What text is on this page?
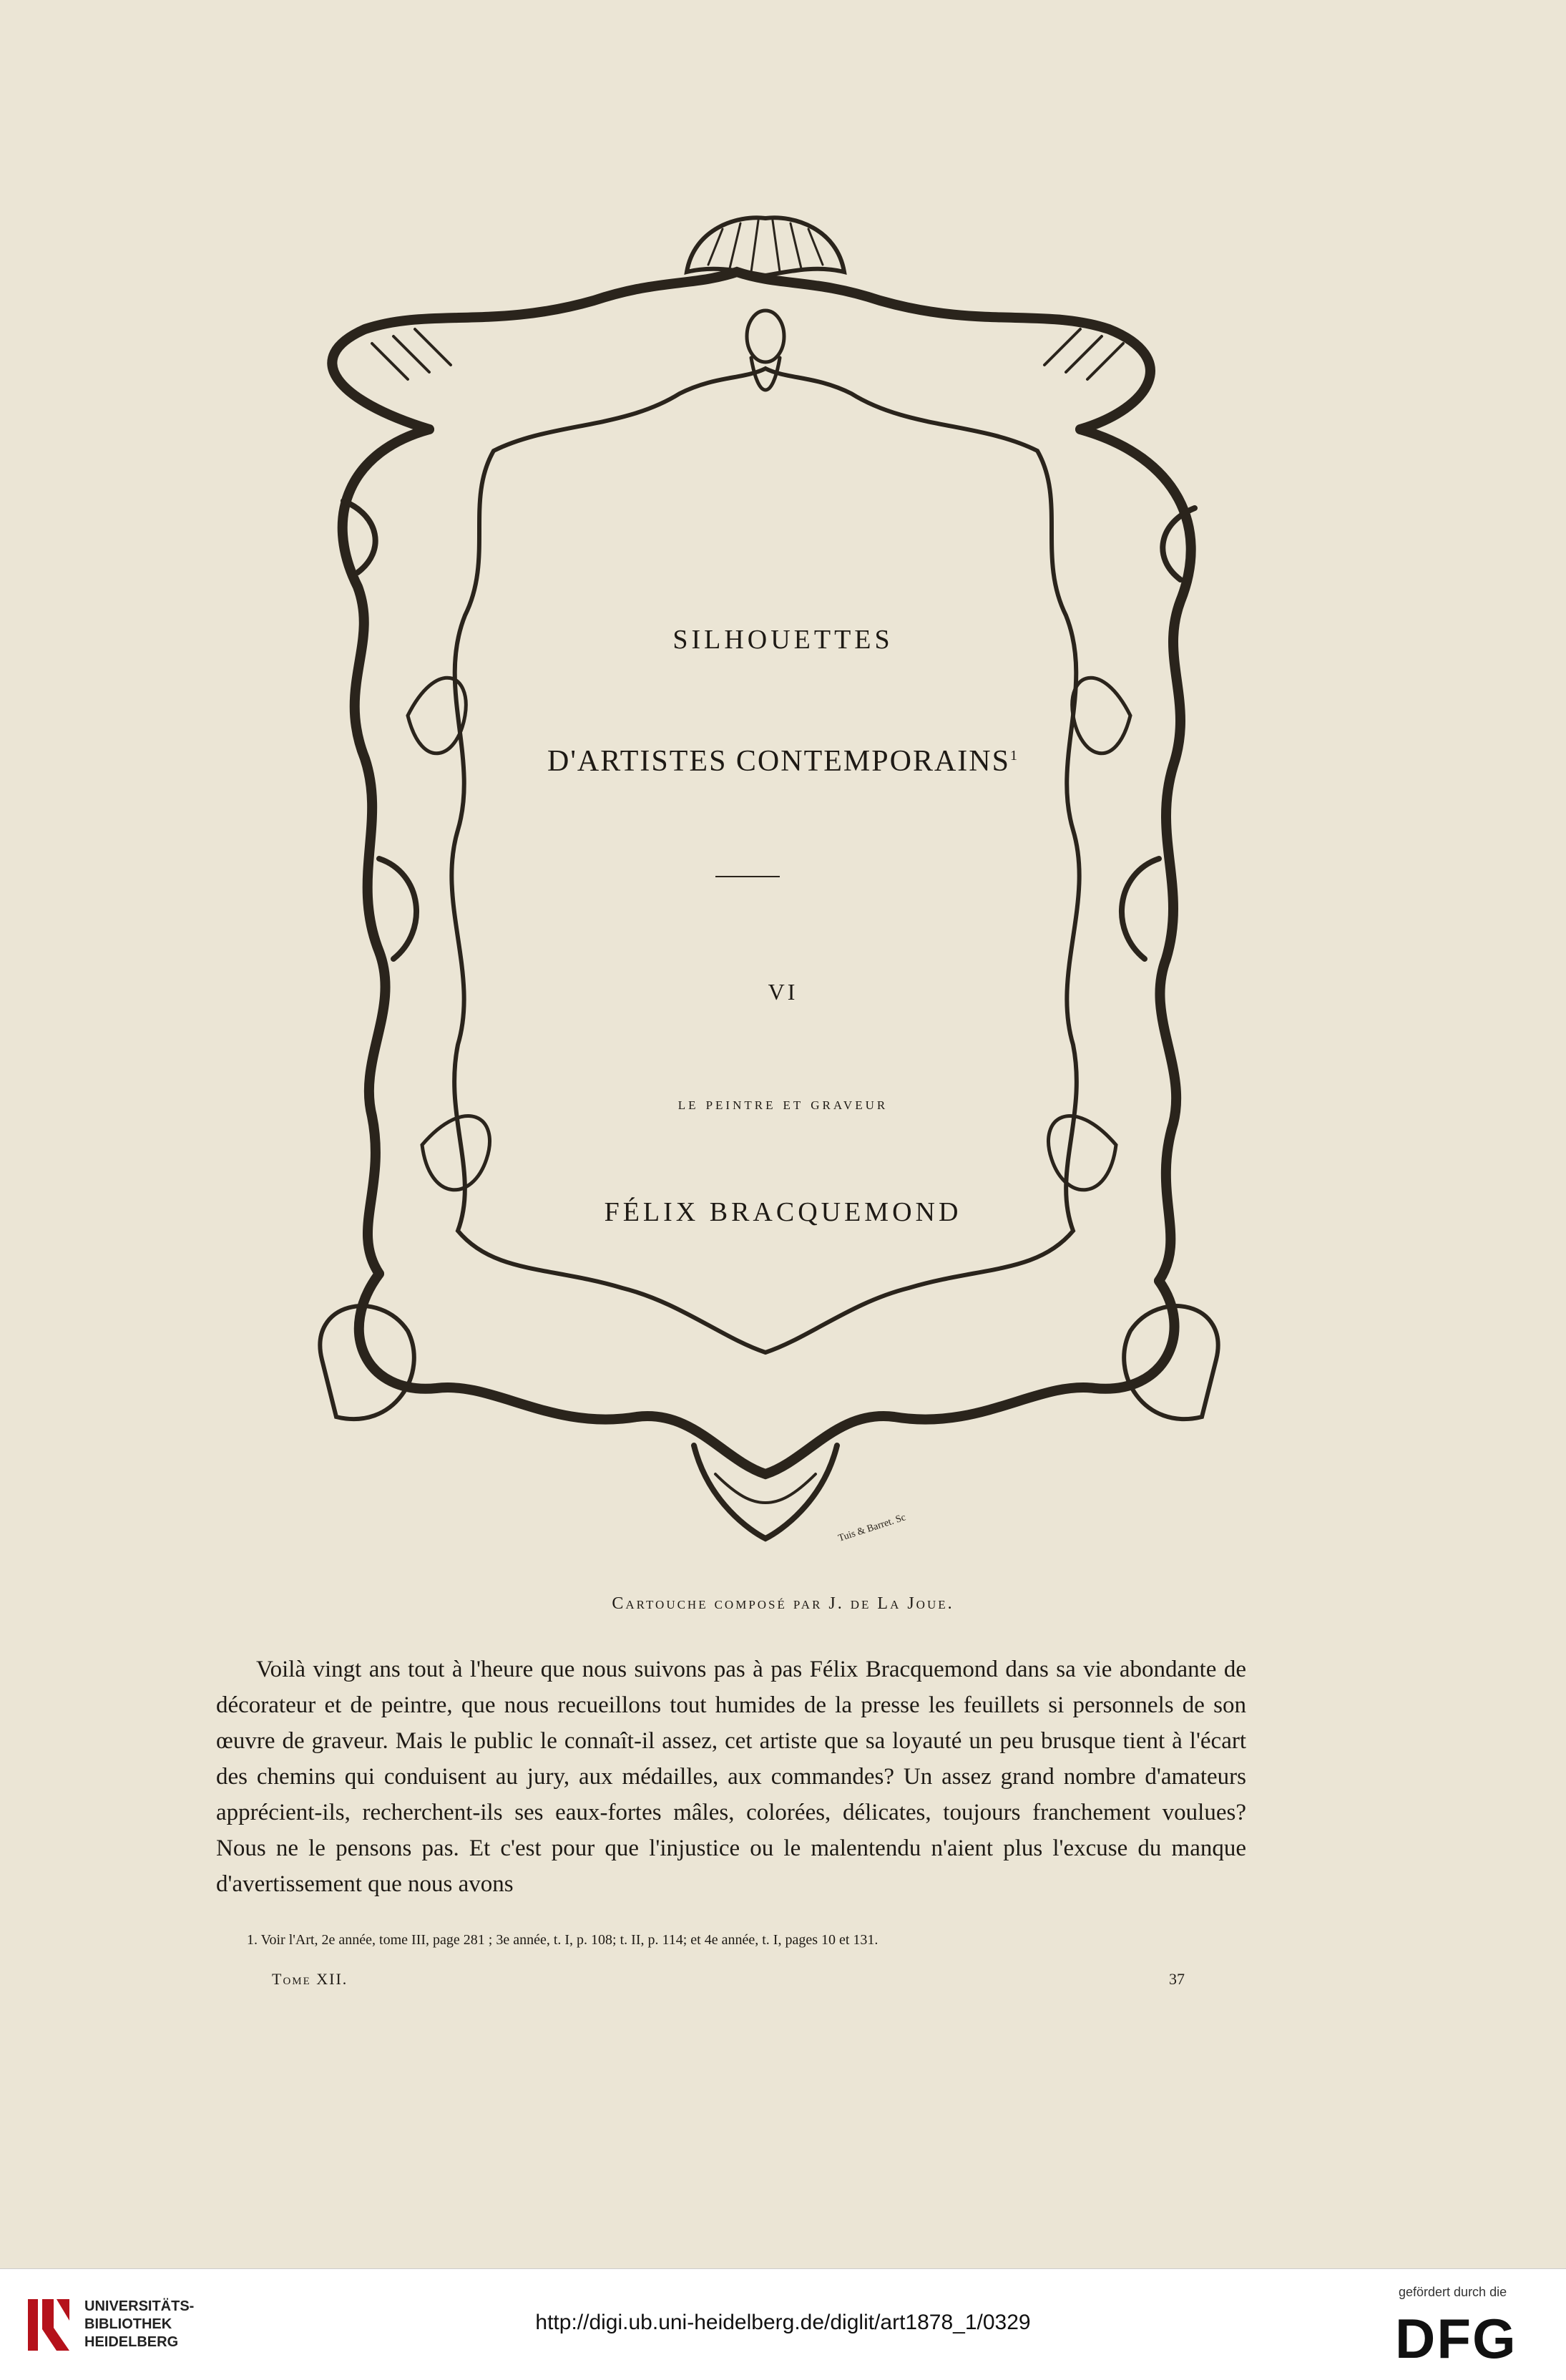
SILHOUETTES
D'ARTISTES CONTEMPORAINS$^1$
VI
le peintre et graveur
FÉLIX BRACQUEMOND
Tuis & Barret. Sc
Cartouche composé par J. de La Joue.

Voilà vingt ans tout à l'heure que nous suivons pas à pas Félix Bracquemond dans sa vie abondante de décorateur et de peintre, que nous recueillons tout humides de la presse les feuillets si personnels de son œuvre de graveur. Mais le public le connaît-il assez, cet artiste que sa loyauté un peu brusque tient à l'écart des chemins qui conduisent au jury, aux médailles, aux commandes? Un assez grand nombre d'amateurs apprécient-ils, recherchent-ils ses eaux-fortes mâles, colorées, délicates, toujours franchement voulues? Nous ne le pensons pas. Et c'est pour que l'injustice ou le malentendu n'aient plus l'excuse du manque d'avertissement que nous avons

1. Voir l'Art, 2e année, tome III, page 281 ; 3e année, t. I, p. 108; t. II, p. 114; et 4e année, t. I, pages 10 et 131.
Tome XII.	37
UNIVERSITÄTS-
BIBLIOTHEK
HEIDELBERG
http://digi.ub.uni-heidelberg.de/diglit/art1878_1/0329
gefördert durch die
DFG
